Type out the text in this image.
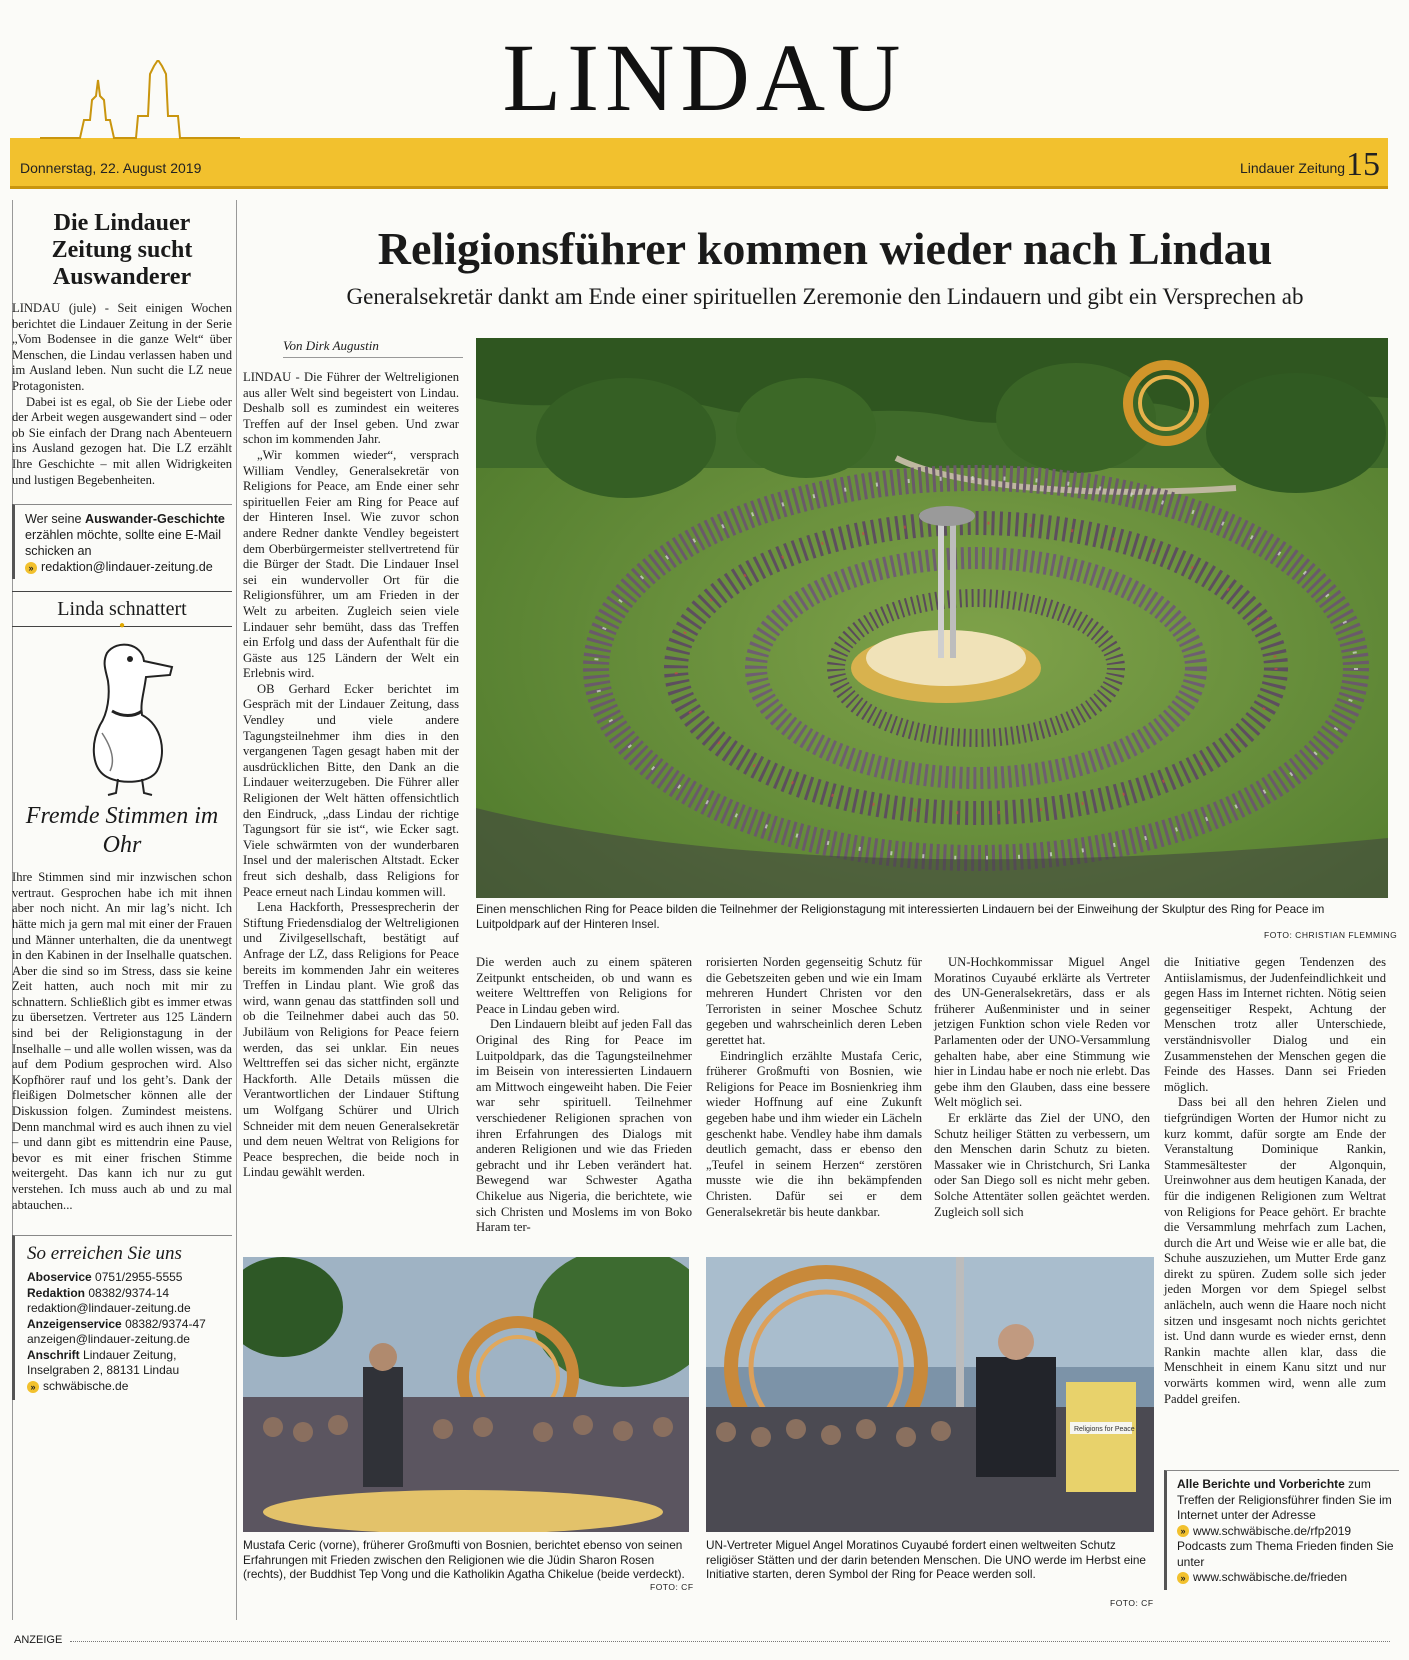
LINDAU
Donnerstag, 22. August 2019	Lindauer Zeitung 15
Die Lindauer Zeitung sucht Auswanderer
LINDAU (jule) - Seit einigen Wochen berichtet die Lindauer Zeitung in der Serie „Vom Bodensee in die ganze Welt“ über Menschen, die Lindau verlassen haben und im Ausland leben. Nun sucht die LZ neue Protagonisten.
Dabei ist es egal, ob Sie der Liebe oder der Arbeit wegen ausgewandert sind – oder ob Sie einfach der Drang nach Abenteuern ins Ausland gezogen hat. Die LZ erzählt Ihre Geschichte – mit allen Widrigkeiten und lustigen Begebenheiten.
Wer seine Auswander-Geschichte erzählen möchte, sollte eine E-Mail schicken an
» redaktion@lindauer-zeitung.de
Linda schnattert
●
Fremde Stimmen im Ohr
Ihre Stimmen sind mir inzwischen schon vertraut. Gesprochen habe ich mit ihnen aber noch nicht. An mir lag’s nicht. Ich hätte mich ja gern mal mit einer der Frauen und Männer unterhalten, die da unentwegt in den Kabinen in der Inselhalle quatschen. Aber die sind so im Stress, dass sie keine Zeit hatten, auch noch mit mir zu schnattern. Schließlich gibt es immer etwas zu übersetzen. Vertreter aus 125 Ländern sind bei der Religionstagung in der Inselhalle – und alle wollen wissen, was da auf dem Podium gesprochen wird. Also Kopfhörer rauf und los geht’s. Dank der fleißigen Dolmetscher können alle der Diskussion folgen. Zumindest meistens. Denn manchmal wird es auch ihnen zu viel – und dann gibt es mittendrin eine Pause, bevor es mit einer frischen Stimme weitergeht. Das kann ich nur zu gut verstehen. Ich muss auch ab und zu mal abtauchen...
So erreichen Sie uns
Aboservice 0751/2955-5555
Redaktion 08382/9374-14
redaktion@lindauer-zeitung.de
Anzeigenservice 08382/9374-47
anzeigen@lindauer-zeitung.de
Anschrift Lindauer Zeitung,
Inselgraben 2, 88131 Lindau
» schwäbische.de
ANZEIGE
Religionsführer kommen wieder nach Lindau
Generalsekretär dankt am Ende einer spirituellen Zeremonie den Lindauern und gibt ein Versprechen ab
Von Dirk Augustin
Einen menschlichen Ring for Peace bilden die Teilnehmer der Religionstagung mit interessierten Lindauern bei der Einweihung der Skulptur des Ring for Peace im Luitpoldpark auf der Hinteren Insel.
FOTO: CHRISTIAN FLEMMING

LINDAU - Die Führer der Weltreligionen aus aller Welt sind begeistert von Lindau. Deshalb soll es zumindest ein weiteres Treffen auf der Insel geben. Und zwar schon im kommenden Jahr.

„Wir kommen wieder“, versprach William Vendley, Generalsekretär von Religions for Peace, am Ende einer sehr spirituellen Feier am Ring for Peace auf der Hinteren Insel. Wie zuvor schon andere Redner dankte Vendley begeistert dem Oberbürgermeister stellvertretend für die Bürger der Stadt. Die Lindauer Insel sei ein wundervoller Ort für die Religionsführer, um am Frieden in der Welt zu arbeiten. Zugleich seien viele Lindauer sehr bemüht, dass das Treffen ein Erfolg und dass der Aufenthalt für die Gäste aus 125 Ländern der Welt ein Erlebnis wird.

OB Gerhard Ecker berichtet im Gespräch mit der Lindauer Zeitung, dass Vendley und viele andere Tagungsteilnehmer ihm dies in den vergangenen Tagen gesagt haben mit der ausdrücklichen Bitte, den Dank an die Lindauer weiterzugeben. Die Führer aller Religionen der Welt hätten offensichtlich den Eindruck, „dass Lindau der richtige Tagungsort für sie ist“, wie Ecker sagt. Viele schwärmten von der wunderbaren Insel und der malerischen Altstadt. Ecker freut sich deshalb, dass Religions for Peace erneut nach Lindau kommen will.

Lena Hackforth, Pressesprecherin der Stiftung Friedensdialog der Weltreligionen und Zivilgesellschaft, bestätigt auf Anfrage der LZ, dass Religions for Peace bereits im kommenden Jahr ein weiteres Treffen in Lindau plant. Wie groß das wird, wann genau das stattfinden soll und ob die Teilnehmer dabei auch das 50. Jubiläum von Religions for Peace feiern werden, das sei unklar. Ein neues Welttreffen sei das sicher nicht, ergänzte Hackforth. Alle Details müssen die Verantwortlichen der Lindauer Stiftung um Wolfgang Schürer und Ulrich Schneider mit dem neuen Generalsekretär und dem neuen Weltrat von Religions for Peace besprechen, die beide noch in Lindau gewählt werden.

Die werden auch zu einem späteren Zeitpunkt entscheiden, ob und wann es weitere Welttreffen von Religions for Peace in Lindau geben wird.

Den Lindauern bleibt auf jeden Fall das Original des Ring for Peace im Luitpoldpark, das die Tagungsteilnehmer im Beisein von interessierten Lindauern am Mittwoch eingeweiht haben. Die Feier war sehr spirituell. Teilnehmer verschiedener Religionen sprachen von ihren Erfahrungen des Dialogs mit anderen Religionen und wie das Frieden gebracht und ihr Leben verändert hat. Bewegend war Schwester Agatha Chikelue aus Nigeria, die berichtete, wie sich Christen und Moslems im von Boko Haram ter-

rorisierten Norden gegenseitig Schutz für die Gebetszeiten geben und wie ein Imam mehreren Hundert Christen vor den Terroristen in seiner Moschee Schutz gegeben und wahrscheinlich deren Leben gerettet hat.

Eindringlich erzählte Mustafa Ceric, früherer Großmufti von Bosnien, wie Religions for Peace im Bosnienkrieg ihm wieder Hoffnung auf eine Zukunft gegeben habe und ihm wieder ein Lächeln geschenkt habe. Vendley habe ihm damals deutlich gemacht, dass er ebenso den „Teufel in seinem Herzen“ zerstören musste wie die ihn bekämpfenden Christen. Dafür sei er dem Generalsekretär bis heute dankbar.

UN-Hochkommissar Miguel Angel Moratinos Cuyaubé erklärte als Vertreter des UN-Generalsekretärs, dass er als früherer Außenminister und in seiner jetzigen Funktion schon viele Reden vor Parlamenten oder der UNO-Versammlung gehalten habe, aber eine Stimmung wie hier in Lindau habe er noch nie erlebt. Das gebe ihm den Glauben, dass eine bessere Welt möglich sei.

Er erklärte das Ziel der UNO, den Schutz heiliger Stätten zu verbessern, um den Menschen darin Schutz zu bieten. Massaker wie in Christchurch, Sri Lanka oder San Diego soll es nicht mehr geben. Solche Attentäter sollen geächtet werden. Zugleich soll sich

die Initiative gegen Tendenzen des Antiislamismus, der Judenfeindlichkeit und gegen Hass im Internet richten. Nötig seien gegenseitiger Respekt, Achtung der Menschen trotz aller Unterschiede, verständnisvoller Dialog und ein Zusammenstehen der Menschen gegen die Feinde des Hasses. Dann sei Frieden möglich.

Dass bei all den hehren Zielen und tiefgründigen Worten der Humor nicht zu kurz kommt, dafür sorgte am Ende der Veranstaltung Dominique Rankin, Stammesältester der Algonquin, Ureinwohner aus dem heutigen Kanada, der für die indigenen Religionen zum Weltrat von Religions for Peace gehört. Er brachte die Versammlung mehrfach zum Lachen, durch die Art und Weise wie er alle bat, die Schuhe auszuziehen, um Mutter Erde ganz direkt zu spüren. Zudem solle sich jeder jeden Morgen vor dem Spiegel selbst anlächeln, auch wenn die Haare noch nicht sitzen und insgesamt noch nichts gerichtet ist. Und dann wurde es wieder ernst, denn Rankin machte allen klar, dass die Menschheit in einem Kanu sitzt und nur vorwärts kommen wird, wenn alle zum Paddel greifen.

Mustafa Ceric (vorne), früherer Großmufti von Bosnien, berichtet ebenso von seinen Erfahrungen mit Frieden zwischen den Religionen wie die Jüdin Sharon Rosen (rechts), der Buddhist Tep Vong und die Katholikin Agatha Chikelue (beide verdeckt).
FOTO: CF
Religions for Peace
UN-Vertreter Miguel Angel Moratinos Cuyaubé fordert einen weltweiten Schutz religiöser Stätten und der darin betenden Menschen. Die UNO werde im Herbst eine Initiative starten, deren Symbol der Ring for Peace werden soll.
FOTO: CF
Alle Berichte und Vorberichte zum Treffen der Religionsführer finden Sie im Internet unter der Adresse
» www.schwäbische.de/rfp2019
Podcasts zum Thema Frieden finden Sie unter
» www.schwäbische.de/frieden
